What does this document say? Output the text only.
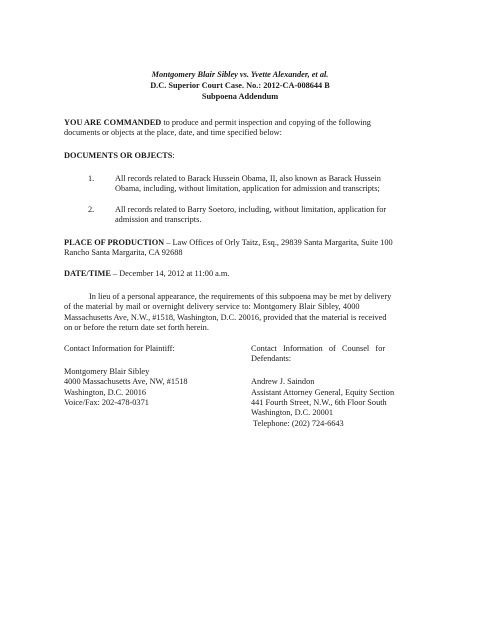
Montgomery Blair Sibley vs. Yvette Alexander, et al.
D.C. Superior Court Case. No.: 2012-CA-008644 B
Subpoena Addendum
YOU ARE COMMANDED to produce and permit inspection and copying of the following
documents or objects at the place, date, and time specified below:
DOCUMENTS OR OBJECTS:
1.	All records related to Barack Hussein Obama, II, also known as Barack Hussein
Obama, including, without limitation, application for admission and transcripts;
2.	All records related to Barry Soetoro, including, without limitation, application for
admission and transcripts.
PLACE OF PRODUCTION – Law Offices of Orly Taitz, Esq., 29839 Santa Margarita, Suite 100
Rancho Santa Margarita, CA 92688
DATE/TIME – December 14, 2012 at 11:00 a.m.
In lieu of a personal appearance, the requirements of this subpoena may be met by delivery
of the material by mail or overnight delivery service to: Montgomery Blair Sibley, 4000
Massachusetts Ave, N.W., #1518, Washington, D.C. 20016, provided that the material is received
on or before the return date set forth herein.
Contact Information for Plaintiff:
Montgomery Blair Sibley
4000 Massachusetts Ave, NW, #1518
Washington, D.C. 20016
Voice/Fax: 202-478-0371
Contact   Information   of   Counsel   for
Defendants:
Andrew J. Saindon
Assistant Attorney General, Equity Section
441 Fourth Street, N.W., 6th Floor South
Washington, D.C. 20001
Telephone: (202) 724-6643
